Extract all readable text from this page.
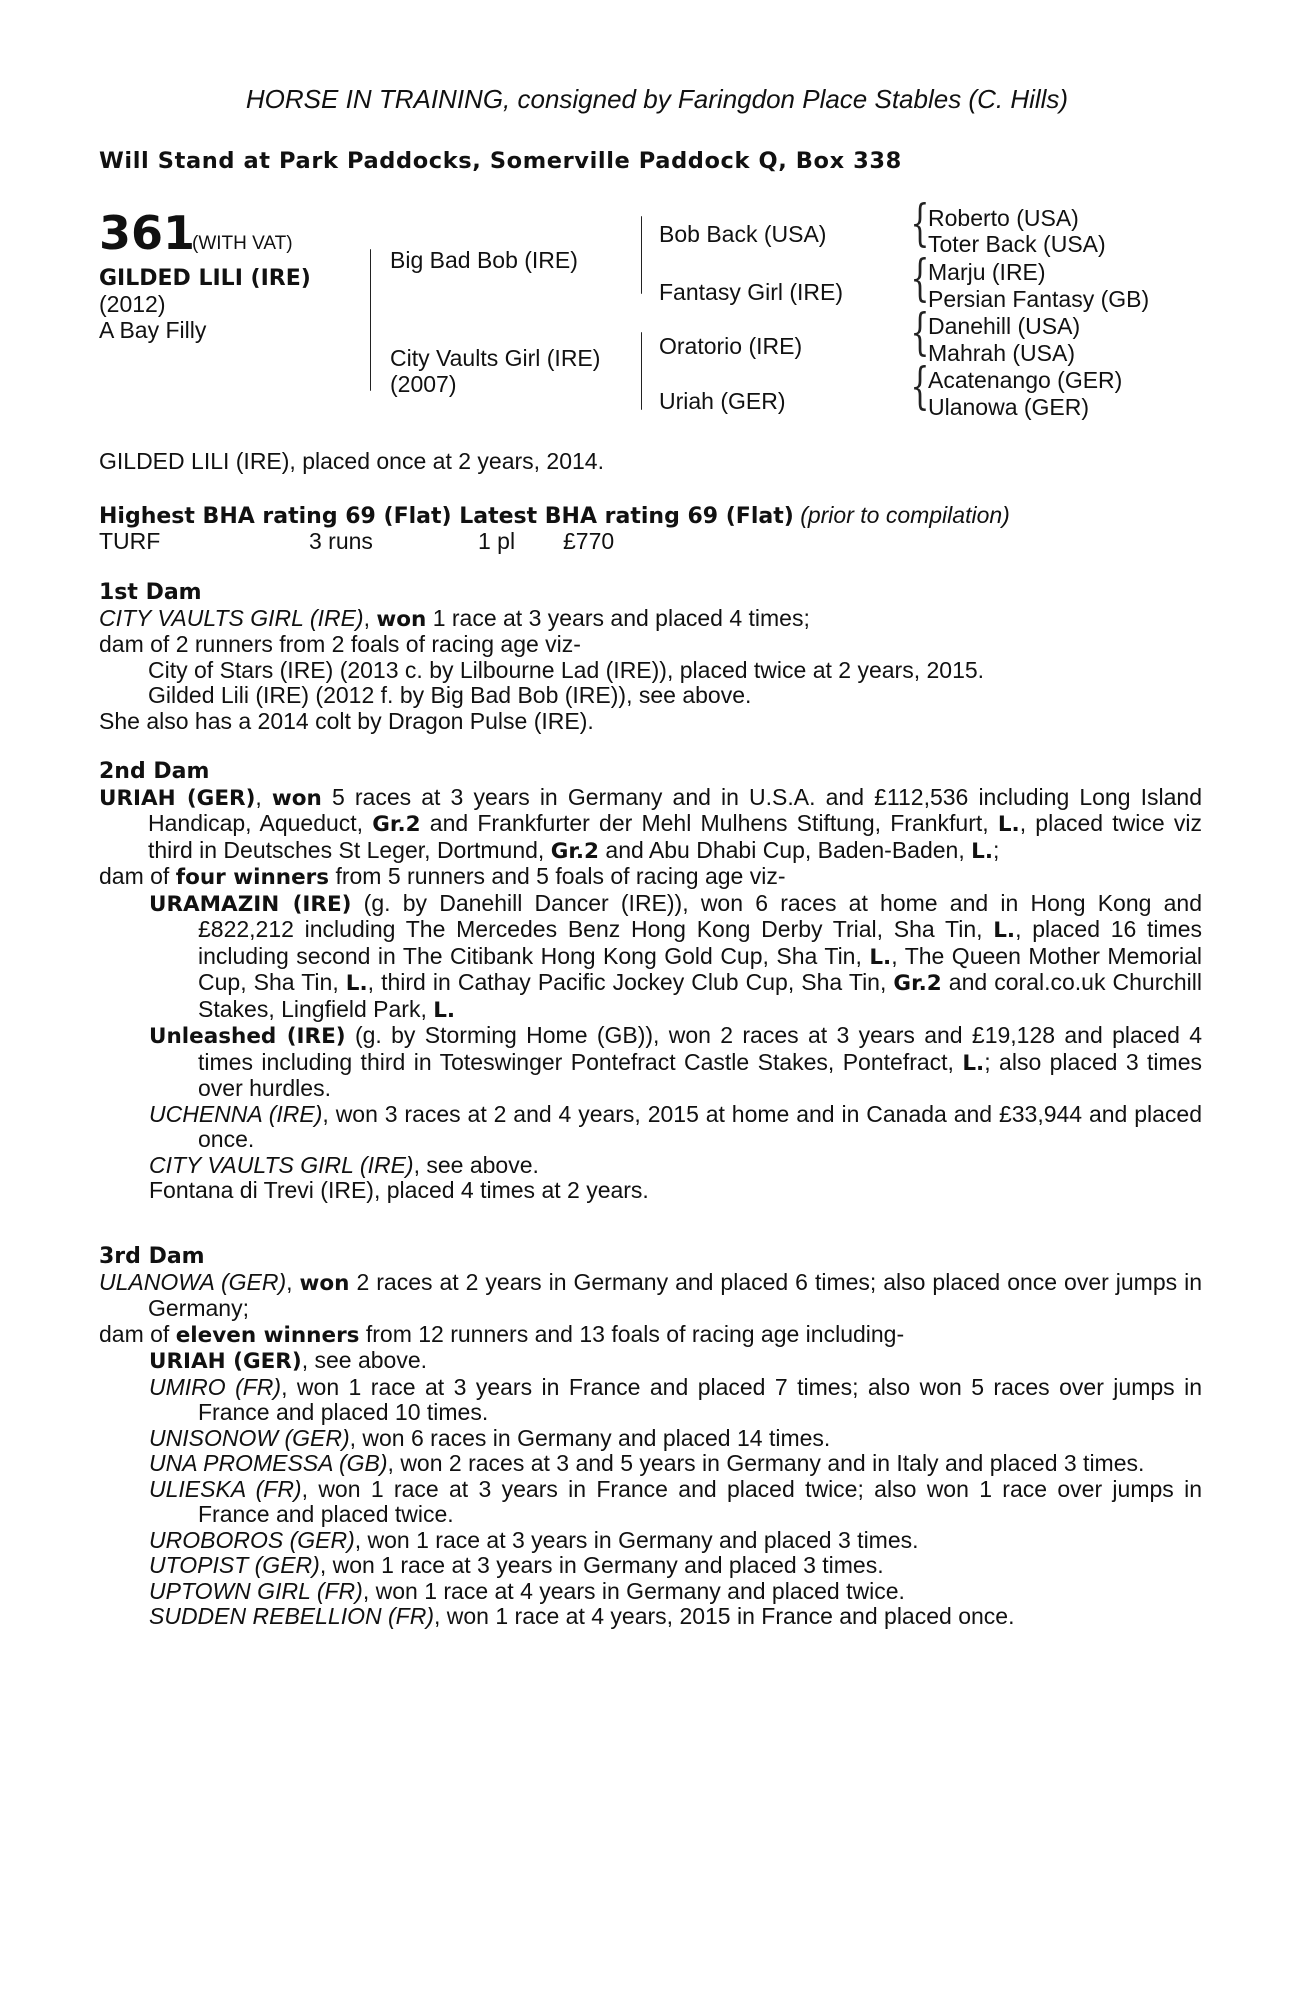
HORSE IN TRAINING, consigned by Faringdon Place Stables (C. Hills)
Will Stand at Park Paddocks, Somerville Paddock Q, Box 338
361
(WITH VAT)
GILDED LILI (IRE)
(2012)
A Bay Filly
Big Bad Bob (IRE)
City Vaults Girl (IRE)
(2007)
Bob Back (USA)
Fantasy Girl (IRE)
Oratorio (IRE)
Uriah (GER)
{
{
{
{
Roberto (USA)
Toter Back (USA)
Marju (IRE)
Persian Fantasy (GB)
Danehill (USA)
Mahrah (USA)
Acatenango (GER)
Ulanowa (GER)
GILDED LILI (IRE), placed once at 2 years, 2014.
Highest BHA rating 69 (Flat) Latest BHA rating 69 (Flat) (prior to compilation)
TURF	3 runs	1 pl £770

1st Dam

CITY VAULTS GIRL (IRE), won 1 race at 3 years and placed 4 times;

dam of 2 runners from 2 foals of racing age viz-

City of Stars (IRE) (2013 c. by Lilbourne Lad (IRE)), placed twice at 2 years, 2015.

Gilded Lili (IRE) (2012 f. by Big Bad Bob (IRE)), see above.

She also has a 2014 colt by Dragon Pulse (IRE).

2nd Dam

URIAH (GER), won 5 races at 3 years in Germany and in U.S.A. and £112,536 including Long Island Handicap, Aqueduct, Gr.2 and Frankfurter der Mehl Mulhens Stiftung, Frankfurt, L., placed twice viz third in Deutsches St Leger, Dortmund, Gr.2 and Abu Dhabi Cup, Baden-Baden, L.;

dam of four winners from 5 runners and 5 foals of racing age viz-

URAMAZIN (IRE) (g. by Danehill Dancer (IRE)), won 6 races at home and in Hong Kong and £822,212 including The Mercedes Benz Hong Kong Derby Trial, Sha Tin, L., placed 16 times including second in The Citibank Hong Kong Gold Cup, Sha Tin, L., The Queen Mother Memorial Cup, Sha Tin, L., third in Cathay Pacific Jockey Club Cup, Sha Tin, Gr.2 and coral.co.uk Churchill Stakes, Lingfield Park, L.

Unleashed (IRE) (g. by Storming Home (GB)), won 2 races at 3 years and £19,128 and placed 4 times including third in Toteswinger Pontefract Castle Stakes, Pontefract, L.; also placed 3 times over hurdles.

UCHENNA (IRE), won 3 races at 2 and 4 years, 2015 at home and in Canada and £33,944 and placed once.

CITY VAULTS GIRL (IRE), see above.

Fontana di Trevi (IRE), placed 4 times at 2 years.

3rd Dam

ULANOWA (GER), won 2 races at 2 years in Germany and placed 6 times; also placed once over jumps in Germany;

dam of eleven winners from 12 runners and 13 foals of racing age including-

URIAH (GER), see above.

UMIRO (FR), won 1 race at 3 years in France and placed 7 times; also won 5 races over jumps in France and placed 10 times.

UNISONOW (GER), won 6 races in Germany and placed 14 times.

UNA PROMESSA (GB), won 2 races at 3 and 5 years in Germany and in Italy and placed 3 times.

ULIESKA (FR), won 1 race at 3 years in France and placed twice; also won 1 race over jumps in France and placed twice.

UROBOROS (GER), won 1 race at 3 years in Germany and placed 3 times.

UTOPIST (GER), won 1 race at 3 years in Germany and placed 3 times.

UPTOWN GIRL (FR), won 1 race at 4 years in Germany and placed twice.

SUDDEN REBELLION (FR), won 1 race at 4 years, 2015 in France and placed once.
